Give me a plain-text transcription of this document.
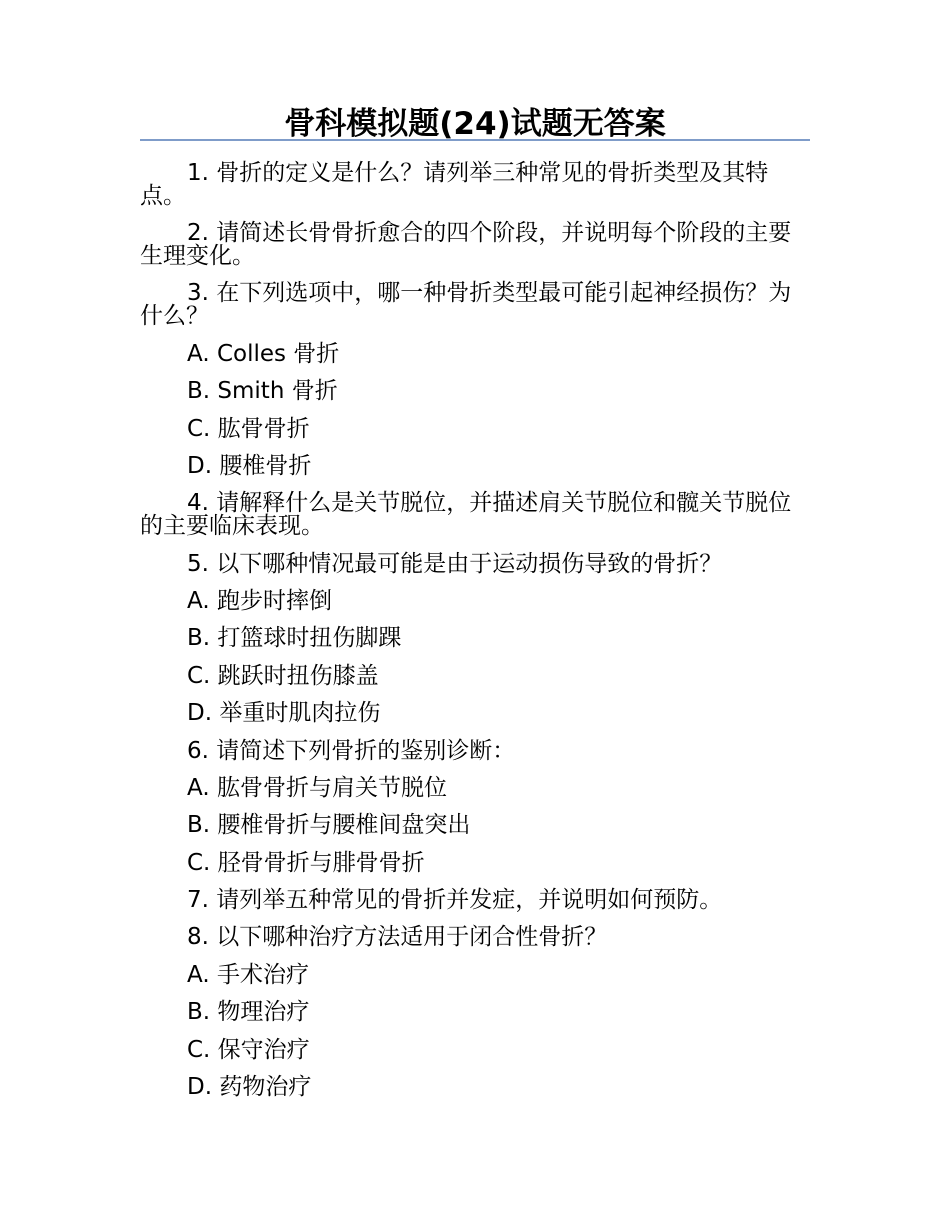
骨科模拟题(24)试题无答案

1. 骨折的定义是什么？请列举三种常见的骨折类型及其特点。

2. 请简述长骨骨折愈合的四个阶段，并说明每个阶段的主要生理变化。

3. 在下列选项中，哪一种骨折类型最可能引起神经损伤？为什么？

A. Colles 骨折

B. Smith 骨折

C. 肱骨骨折

D. 腰椎骨折

4. 请解释什么是关节脱位，并描述肩关节脱位和髋关节脱位的主要临床表现。

5. 以下哪种情况最可能是由于运动损伤导致的骨折？

A. 跑步时摔倒

B. 打篮球时扭伤脚踝

C. 跳跃时扭伤膝盖

D. 举重时肌肉拉伤

6. 请简述下列骨折的鉴别诊断：

A. 肱骨骨折与肩关节脱位

B. 腰椎骨折与腰椎间盘突出

C. 胫骨骨折与腓骨骨折

7. 请列举五种常见的骨折并发症，并说明如何预防。

8. 以下哪种治疗方法适用于闭合性骨折？

A. 手术治疗

B. 物理治疗

C. 保守治疗

D. 药物治疗
